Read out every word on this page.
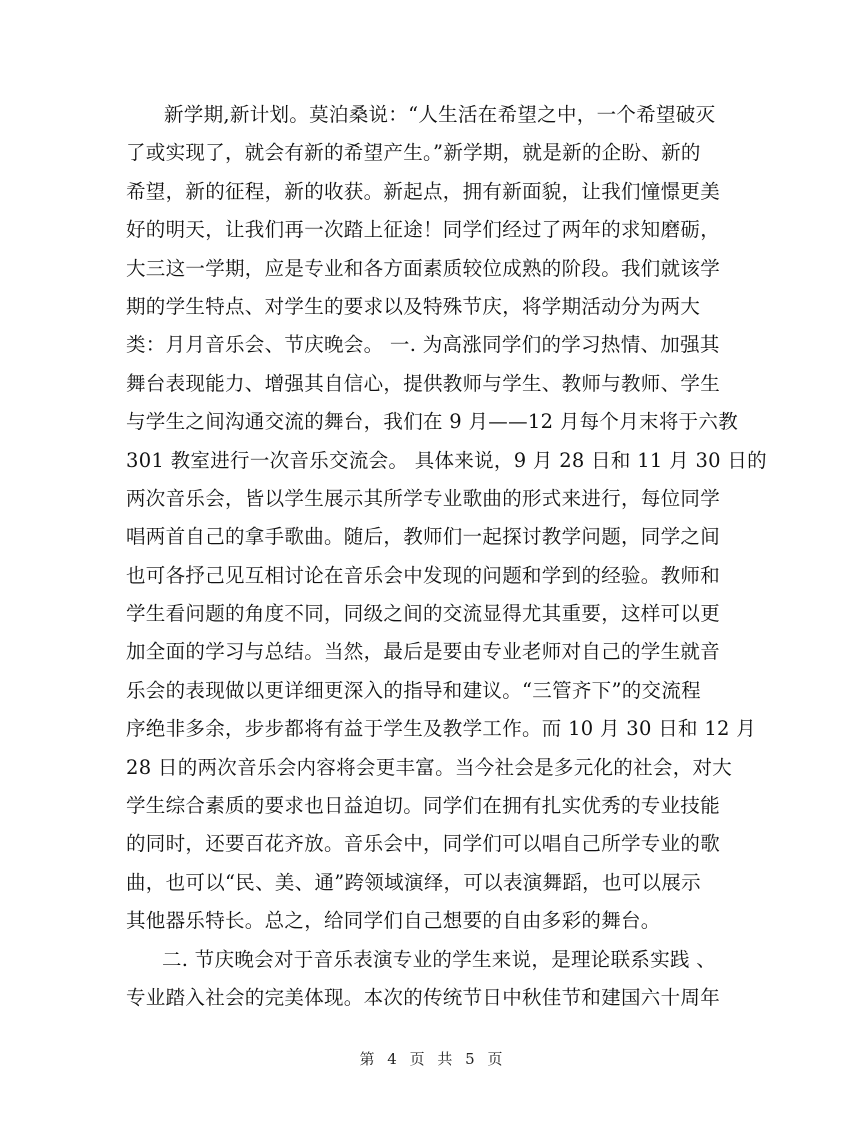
新学期,新计划。莫泊桑说：“人生活在希望之中，一个希望破灭
了或实现了，就会有新的希望产生。”新学期，就是新的企盼、新的
希望，新的征程，新的收获。新起点，拥有新面貌，让我们憧憬更美
好的明天，让我们再一次踏上征途！同学们经过了两年的求知磨砺，
大三这一学期，应是专业和各方面素质较位成熟的阶段。我们就该学
期的学生特点、对学生的要求以及特殊节庆，将学期活动分为两大
类：月月音乐会、节庆晚会。 一. 为高涨同学们的学习热情、加强其
舞台表现能力、增强其自信心，提供教师与学生、教师与教师、学生
与学生之间沟通交流的舞台，我们在 9 月——12 月每个月末将于六教
301 教室进行一次音乐交流会。 具体来说，9 月 28 日和 11 月 30 日的
两次音乐会，皆以学生展示其所学专业歌曲的形式来进行，每位同学
唱两首自己的拿手歌曲。随后，教师们一起探讨教学问题，同学之间
也可各抒己见互相讨论在音乐会中发现的问题和学到的经验。教师和
学生看问题的角度不同，同级之间的交流显得尤其重要，这样可以更
加全面的学习与总结。当然，最后是要由专业老师对自己的学生就音
乐会的表现做以更详细更深入的指导和建议。“三管齐下”的交流程
序绝非多余，步步都将有益于学生及教学工作。而 10 月 30 日和 12 月
28 日的两次音乐会内容将会更丰富。当今社会是多元化的社会，对大
学生综合素质的要求也日益迫切。同学们在拥有扎实优秀的专业技能
的同时，还要百花齐放。音乐会中，同学们可以唱自己所学专业的歌
曲，也可以“民、美、通”跨领域演绎，可以表演舞蹈，也可以展示
其他器乐特长。总之，给同学们自己想要的自由多彩的舞台。
二. 节庆晚会对于音乐表演专业的学生来说，是理论联系实践 、
专业踏入社会的完美体现。本次的传统节日中秋佳节和建国六十周年
第 4 页 共 5 页
